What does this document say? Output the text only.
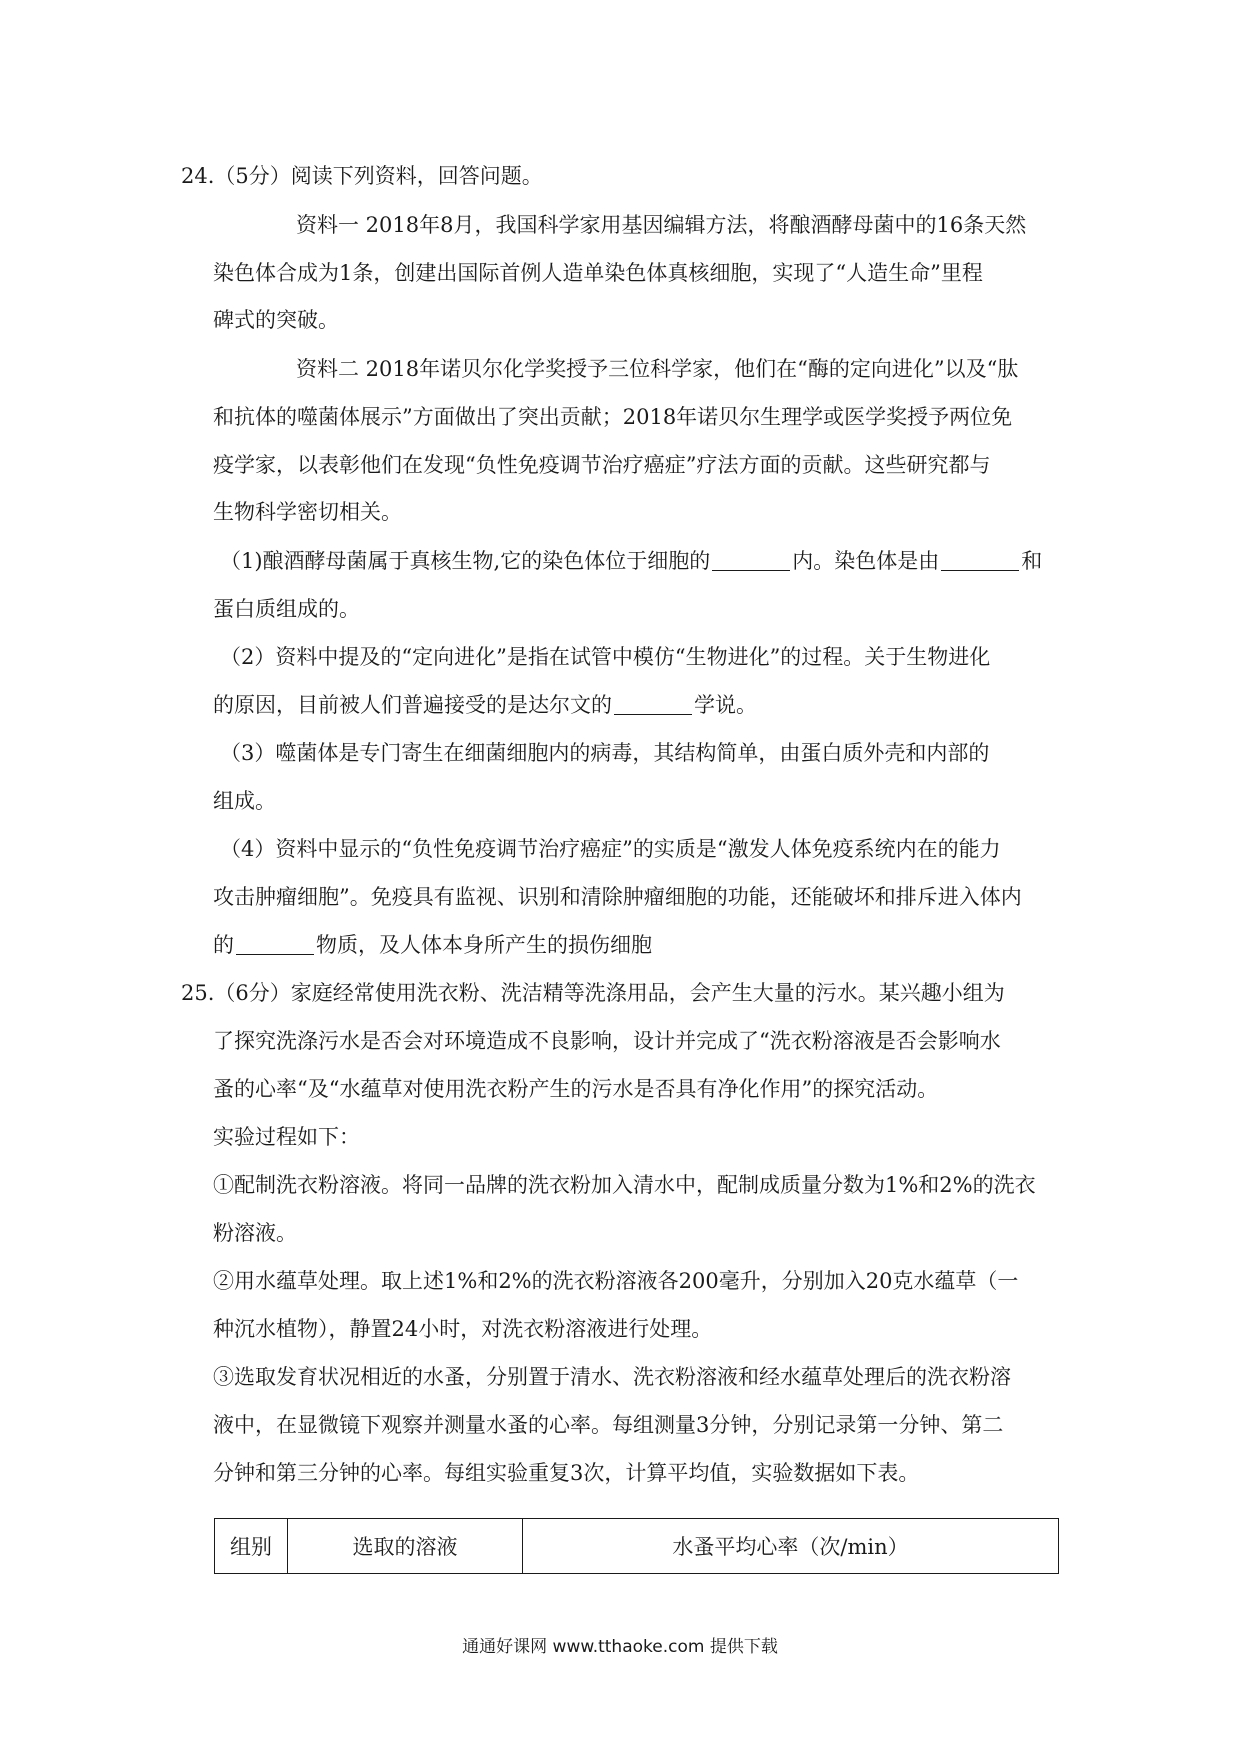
24.（5分）阅读下列资料，回答问题。
资料一 2018年8月，我国科学家用基因编辑方法，将酿酒酵母菌中的16条天然
染色体合成为1条，创建出国际首例人造单染色体真核细胞，实现了“人造生命”里程
碑式的突破。
资料二 2018年诺贝尔化学奖授予三位科学家，他们在“酶的定向进化”以及“肽
和抗体的噬菌体展示”方面做出了突出贡献；2018年诺贝尔生理学或医学奖授予两位免
疫学家，以表彰他们在发现“负性免疫调节治疗癌症”疗法方面的贡献。这些研究都与
生物科学密切相关。
（1)酿酒酵母菌属于真核生物,它的染色体位于细胞的	内。染色体是由	和
蛋白质组成的。
（2）资料中提及的“定向进化”是指在试管中模仿“生物进化”的过程。关于生物进化
的原因，目前被人们普遍接受的是达尔文的	学说。
（3）噬菌体是专门寄生在细菌细胞内的病毒，其结构简单，由蛋白质外壳和内部的
组成。
（4）资料中显示的“负性免疫调节治疗癌症”的实质是“激发人体免疫系统内在的能力
攻击肿瘤细胞”。免疫具有监视、识别和清除肿瘤细胞的功能，还能破坏和排斥进入体内
的	物质，及人体本身所产生的损伤细胞
25.（6分）家庭经常使用洗衣粉、洗洁精等洗涤用品，会产生大量的污水。某兴趣小组为
了探究洗涤污水是否会对环境造成不良影响，设计并完成了“洗衣粉溶液是否会影响水
蚤的心率“及“水蕴草对使用洗衣粉产生的污水是否具有净化作用”的探究活动。
实验过程如下：
①配制洗衣粉溶液。将同一品牌的洗衣粉加入清水中，配制成质量分数为1%和2%的洗衣
粉溶液。
②用水蕴草处理。取上述1%和2%的洗衣粉溶液各200毫升，分别加入20克水蕴草（一
种沉水植物），静置24小时，对洗衣粉溶液进行处理。
③选取发育状况相近的水蚤，分别置于清水、洗衣粉溶液和经水蕴草处理后的洗衣粉溶
液中，在显微镜下观察并测量水蚤的心率。每组测量3分钟，分别记录第一分钟、第二
分钟和第三分钟的心率。每组实验重复3次，计算平均值，实验数据如下表。
组别	选取的溶液	水蚤平均心率（次/min）
通通好课网 www.tthaoke.com 提供下载
